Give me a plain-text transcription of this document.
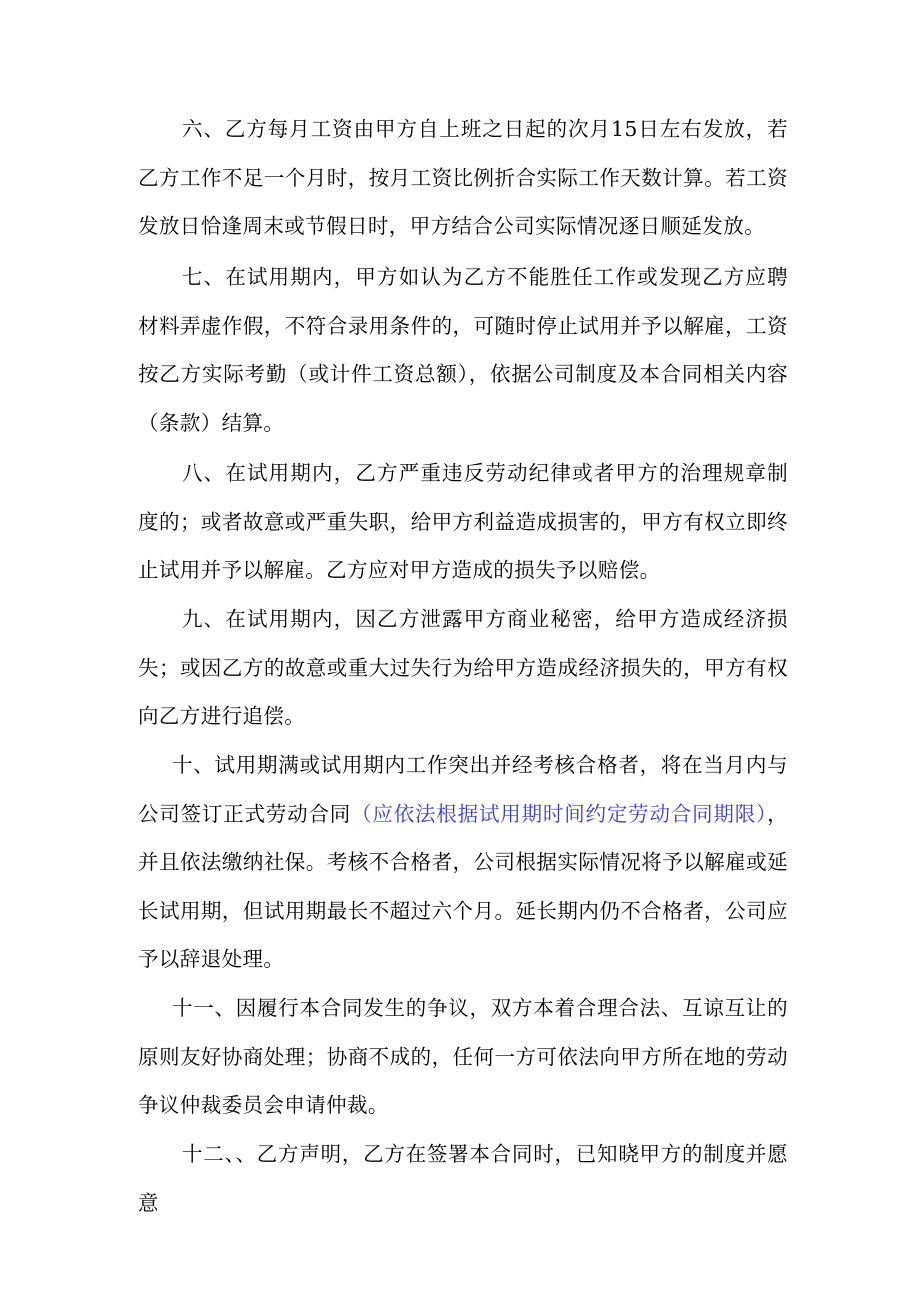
六、乙方每月工资由甲方自上班之日起的次月15日左右发放，若乙方工作不足一个月时，按月工资比例折合实际工作天数计算。若工资发放日恰逢周末或节假日时，甲方结合公司实际情况逐日顺延发放。

七、在试用期内，甲方如认为乙方不能胜任工作或发现乙方应聘材料弄虚作假，不符合录用条件的，可随时停止试用并予以解雇，工资按乙方实际考勤（或计件工资总额），依据公司制度及本合同相关内容（条款）结算。

八、在试用期内，乙方严重违反劳动纪律或者甲方的治理规章制度的；或者故意或严重失职，给甲方利益造成损害的，甲方有权立即终止试用并予以解雇。乙方应对甲方造成的损失予以赔偿。

九、在试用期内，因乙方泄露甲方商业秘密，给甲方造成经济损失；或因乙方的故意或重大过失行为给甲方造成经济损失的，甲方有权向乙方进行追偿。

十、试用期满或试用期内工作突出并经考核合格者，将在当月内与公司签订正式劳动合同（应依法根据试用期时间约定劳动合同期限），并且依法缴纳社保。考核不合格者，公司根据实际情况将予以解雇或延长试用期，但试用期最长不超过六个月。延长期内仍不合格者，公司应予以辞退处理。

十一、因履行本合同发生的争议，双方本着合理合法、互谅互让的原则友好协商处理；协商不成的，任何一方可依法向甲方所在地的劳动争议仲裁委员会申请仲裁。

十二、、乙方声明，乙方在签署本合同时，已知晓甲方的制度并愿意
